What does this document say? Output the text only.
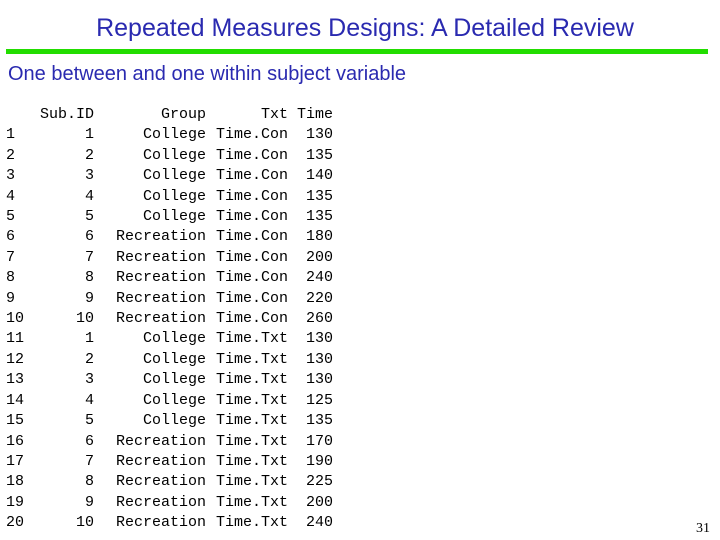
Repeated Measures Designs: A Detailed Review
One between and one within subject variable
	Sub.ID	Group	Txt	Time
1	1	College	Time.Con	130
2	2	College	Time.Con	135
3	3	College	Time.Con	140
4	4	College	Time.Con	135
5	5	College	Time.Con	135
6	6	Recreation	Time.Con	180
7	7	Recreation	Time.Con	200
8	8	Recreation	Time.Con	240
9	9	Recreation	Time.Con	220
10	10	Recreation	Time.Con	260
11	1	College	Time.Txt	130
12	2	College	Time.Txt	130
13	3	College	Time.Txt	130
14	4	College	Time.Txt	125
15	5	College	Time.Txt	135
16	6	Recreation	Time.Txt	170
17	7	Recreation	Time.Txt	190
18	8	Recreation	Time.Txt	225
19	9	Recreation	Time.Txt	200
20	10	Recreation	Time.Txt	240	31
